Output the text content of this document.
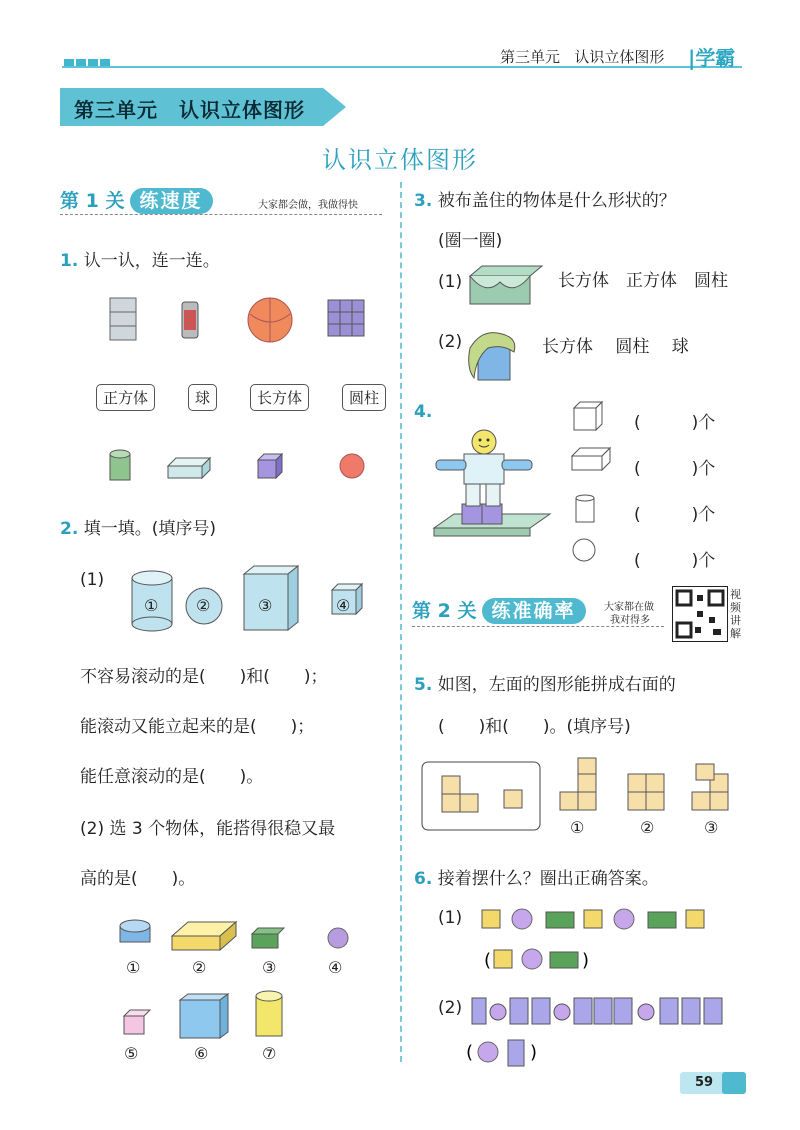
第三单元 认识立体图形 |学霸
第三单元　认识立体图形
认识立体图形
第 1 关 练速度	大家都会做，我做得快
1. 认一认，连一连。
正方体	球	长方体	圆柱
2. 填一填。(填序号)
(1)
① ②	③	④
不容易滚动的是(　　)和(　　)；
能滚动又能立起来的是(　　)；
能任意滚动的是(　　)。
(2) 选 3 个物体，能搭得很稳又最
高的是(　　)。
①	②	③	④
⑤	⑥	⑦
3. 被布盖住的物体是什么形状的？
(圈一圈)
(1)	长方体　正方体　圆柱
(2)	长方体　 圆柱　 球
4.
(　　　)个
(　　　)个
(　　　)个
(　　　)个
第 2 关 练准确率	大家都在做
我对得多
视频讲解
5. 如图，左面的图形能拼成右面的
(　　)和(　　)。(填序号)
①	②	③
6. 接着摆什么？圈出正确答案。
(1)
(	)
(2)
(	)
59
